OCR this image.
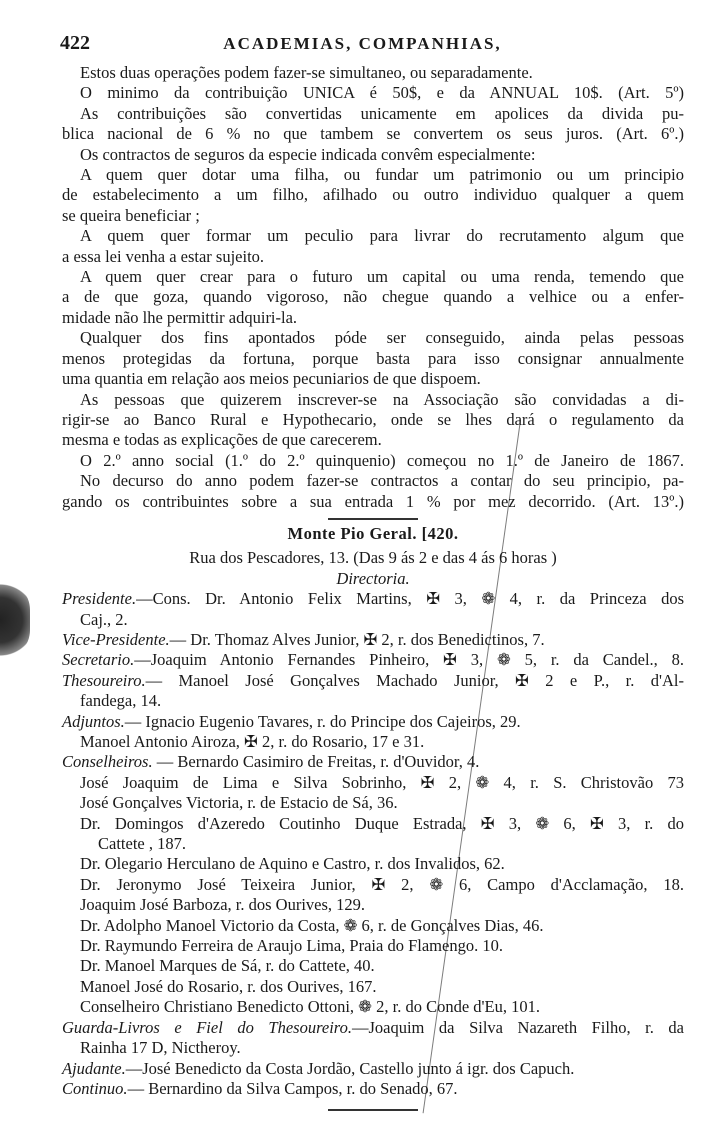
422	ACADEMIAS, COMPANHIAS,
Estos duas operações podem fazer-se simultaneo, ou separadamente.
O minimo da contribuição UNICA é 50$, e da ANNUAL 10$. (Art. 5º)
As contribuições são convertidas unicamente em apolices da divida pu-
blica nacional de 6 % no que tambem se convertem os seus juros. (Art. 6º.)
Os contractos de seguros da especie indicada convêm especialmente:
A quem quer dotar uma filha, ou fundar um patrimonio ou um principio
de estabelecimento a um filho, afilhado ou outro individuo qualquer a quem
se queira beneficiar ;
A quem quer formar um peculio para livrar do recrutamento algum que
a essa lei venha a estar sujeito.
A quem quer crear para o futuro um capital ou uma renda, temendo que
a de que goza, quando vigoroso, não chegue quando a velhice ou a enfer-
midade não lhe permittir adquiri-la.
Qualquer dos fins apontados póde ser conseguido, ainda pelas pessoas
menos protegidas da fortuna, porque basta para isso consignar annualmente
uma quantia em relação aos meios pecuniarios de que dispoem.
As pessoas que quizerem inscrever-se na Associação são convidadas a di-
rigir-se ao Banco Rural e Hypothecario, onde se lhes dará o regulamento da
mesma e todas as explicações de que carecerem.
O 2.º anno social (1.º do 2.º quinquenio) começou no 1.º de Janeiro de 1867.
No decurso do anno podem fazer-se contractos a contar do seu principio, pa-
gando os contribuintes sobre a sua entrada 1 % por mez decorrido. (Art. 13º.)
Monte Pio Geral. [420.
Rua dos Pescadores, 13. (Das 9 ás 2 e das 4 ás 6 horas )
Directoria.
Presidente.—Cons. Dr. Antonio Felix Martins, ✠ 3, ❁ 4, r. da Princeza dos
Caj., 2.
Vice-Presidente.— Dr. Thomaz Alves Junior, ✠ 2, r. dos Benedictinos, 7.
Secretario.—Joaquim Antonio Fernandes Pinheiro, ✠ 3, ❁ 5, r. da Candel., 8.
Thesoureiro.— Manoel José Gonçalves Machado Junior, ✠ 2 e P., r. d'Al-
fandega, 14.
Adjuntos.— Ignacio Eugenio Tavares, r. do Principe dos Cajeiros, 29.
Manoel Antonio Airoza, ✠ 2, r. do Rosario, 17 e 31.
Conselheiros. — Bernardo Casimiro de Freitas, r. d'Ouvidor, 4.
José Joaquim de Lima e Silva Sobrinho, ✠ 2, ❁ 4, r. S. Christovão 73
José Gonçalves Victoria, r. de Estacio de Sá, 36.
Dr. Domingos d'Azeredo Coutinho Duque Estrada, ✠ 3, ❁ 6, ✠ 3, r. do
Cattete , 187.
Dr. Olegario Herculano de Aquino e Castro, r. dos Invalidos, 62.
Dr. Jeronymo José Teixeira Junior, ✠ 2, ❁ 6, Campo d'Acclamação, 18.
Joaquim José Barboza, r. dos Ourives, 129.
Dr. Adolpho Manoel Victorio da Costa, ❁ 6, r. de Gonçalves Dias, 46.
Dr. Raymundo Ferreira de Araujo Lima, Praia do Flamengo. 10.
Dr. Manoel Marques de Sá, r. do Cattete, 40.
Manoel José do Rosario, r. dos Ourives, 167.
Conselheiro Christiano Benedicto Ottoni, ❁ 2, r. do Conde d'Eu, 101.
Guarda-Livros e Fiel do Thesoureiro.—Joaquim da Silva Nazareth Filho, r. da
Rainha 17 D, Nictheroy.
Ajudante.—José Benedicto da Costa Jordão, Castello junto á igr. dos Capuch.
Continuo.— Bernardino da Silva Campos, r. do Senado, 67.
